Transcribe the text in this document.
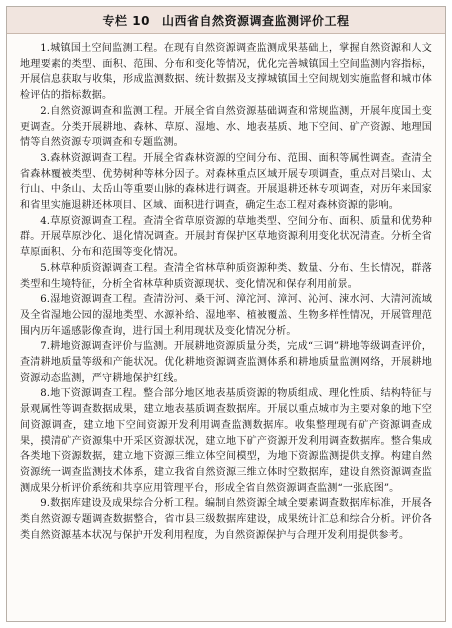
专栏 10 山西省自然资源调查监测评价工程

1.城镇国土空间监测工程。在现有自然资源调查监测成果基础上，掌握自然资源和人文地理要素的类型、面积、范围、分布和变化等情况，优化完善城镇国土空间监测内容指标，开展信息获取与收集，形成监测数据、统计数据及支撑城镇国土空间规划实施监督和城市体检评估的指标数据。

2.自然资源调查和监测工程。开展全省自然资源基础调查和常规监测，开展年度国土变更调查。分类开展耕地、森林、草原、湿地、水、地表基质、地下空间、矿产资源、地理国情等自然资源专项调查和专题监测。

3.森林资源调查工程。开展全省森林资源的空间分布、范围、面积等属性调查。查清全省森林覆被类型、优势树种等林分因子。对森林重点区域开展专项调查，重点对吕梁山、太行山、中条山、太岳山等重要山脉的森林进行调查。开展退耕还林专项调查，对历年来国家和省里实施退耕还林项目、区域、面积进行调查，确定生态工程对森林资源的影响。

4.草原资源调查工程。查清全省草原资源的草地类型、空间分布、面积、质量和优势种群。开展草原沙化、退化情况调查。开展封育保护区草地资源利用变化状况清查。分析全省草原面积、分布和范围等变化情况。

5.林草种质资源调查工程。查清全省林草种质资源种类、数量、分布、生长情况，群落类型和生境特征，分析全省林草种质资源现状、变化情况和保存利用前景。

6.湿地资源调查工程。查清汾河、桑干河、漳沱河、漳河、沁河、涑水河、大清河流域及全省湿地公园的湿地类型、水源补给、湿地率、植被覆盖、生物多样性情况，开展管理范围内历年遥感影像查询，进行国土利用现状及变化情况分析。

7.耕地资源调查评价与监测。开展耕地资源质量分类，完成“三调”耕地等级调查评价，查清耕地质量等级和产能状况。优化耕地资源调查监测体系和耕地质量监测网络，开展耕地资源动态监测，严守耕地保护红线。

8.地下资源调查工程。整合部分地区地表基质资源的物质组成、理化性质、结构特征与景观属性等调查数据成果，建立地表基质调查数据库。开展以重点城市为主要对象的地下空间资源调查，建立地下空间资源开发利用调查监测数据库。收集整理现有矿产资源调查成果，摸清矿产资源集中开采区资源状况，建立地下矿产资源开发利用调查数据库。整合集成各类地下资源数据，建立地下资源三维立体空间模型，为地下资源监测提供支撑。构建自然资源统一调查监测技术体系，建立我省自然资源三维立体时空数据库，建设自然资源调查监测成果分析评价系统和共享应用管理平台，形成全省自然资源调查监测“一张底图”。

9.数据库建设及成果综合分析工程。编制自然资源全域全要素调查数据库标准，开展各类自然资源专题调查数据整合，省市县三级数据库建设，成果统计汇总和综合分析。评价各类自然资源基本状况与保护开发利用程度，为自然资源保护与合理开发利用提供参考。
